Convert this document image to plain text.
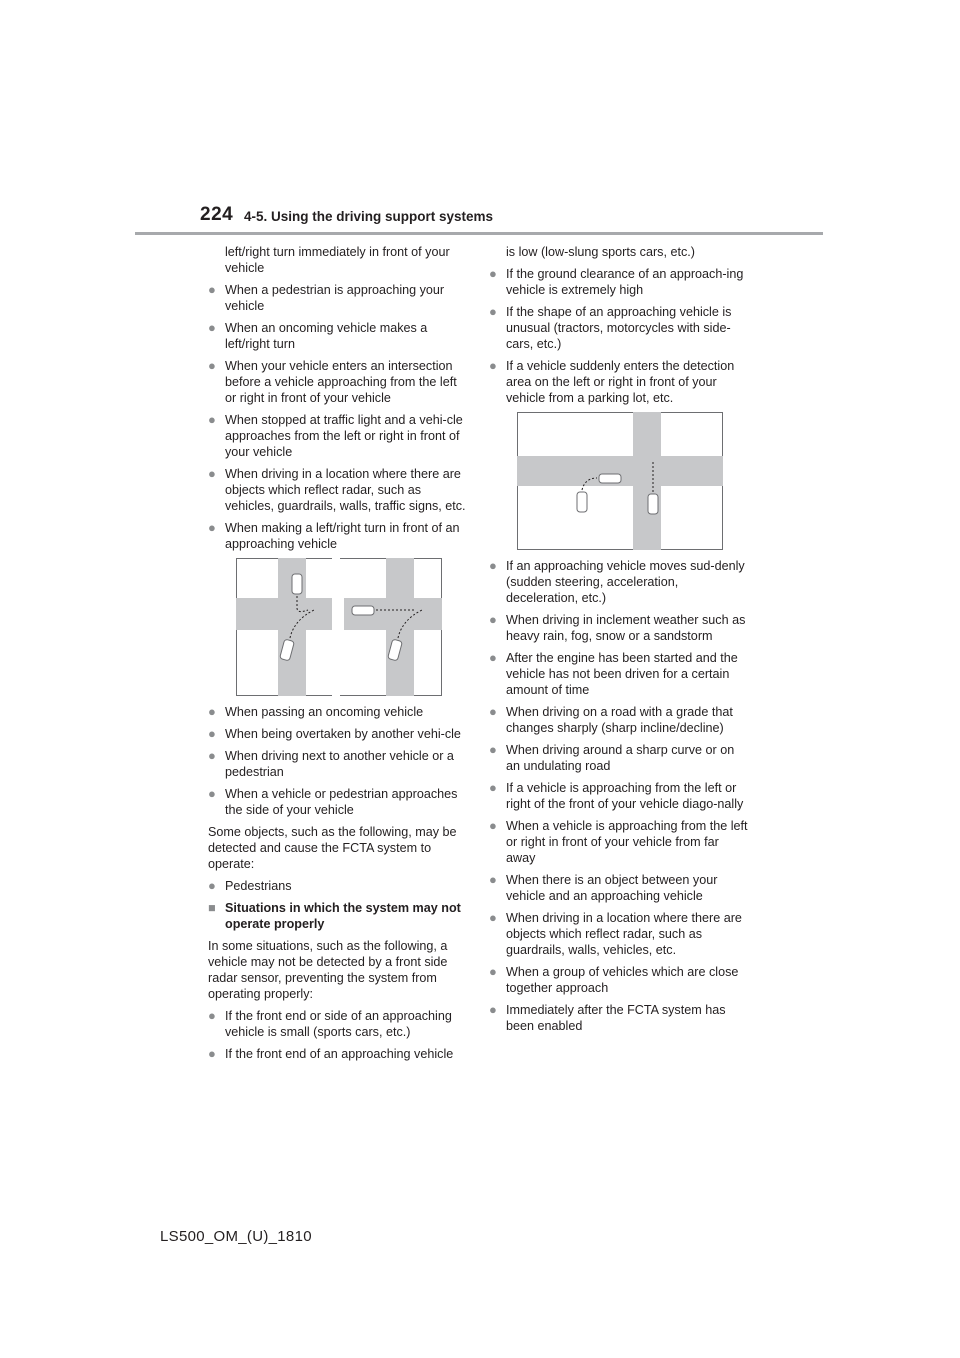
224 4-5. Using the driving support systems
left/right turn immediately in front of your vehicle
● When a pedestrian is approaching your vehicle
● When an oncoming vehicle makes a left/right turn
● When your vehicle enters an intersection before a vehicle approaching from the left or right in front of your vehicle
● When stopped at traffic light and a vehi-cle approaches from the left or right in front of your vehicle
● When driving in a location where there are objects which reflect radar, such as vehicles, guardrails, walls, traffic signs, etc.
● When making a left/right turn in front of an approaching vehicle
● When passing an oncoming vehicle
● When being overtaken by another vehi-cle
● When driving next to another vehicle or a pedestrian
● When a vehicle or pedestrian approaches the side of your vehicle
Some objects, such as the following, may be detected and cause the FCTA system to operate:
● Pedestrians
■ Situations in which the system may not operate properly
In some situations, such as the following, a vehicle may not be detected by a front side radar sensor, preventing the system from operating properly:
● If the front end or side of an approaching vehicle is small (sports cars, etc.)
● If the front end of an approaching vehicle
is low (low-slung sports cars, etc.)
● If the ground clearance of an approach-ing vehicle is extremely high
● If the shape of an approaching vehicle is unusual (tractors, motorcycles with side-cars, etc.)
● If a vehicle suddenly enters the detection area on the left or right in front of your vehicle from a parking lot, etc.
● If an approaching vehicle moves sud-denly (sudden steering, acceleration, deceleration, etc.)
● When driving in inclement weather such as heavy rain, fog, snow or a sandstorm
● After the engine has been started and the vehicle has not been driven for a certain amount of time
● When driving on a road with a grade that changes sharply (sharp incline/decline)
● When driving around a sharp curve or on an undulating road
● If a vehicle is approaching from the left or right of the front of your vehicle diago-nally
● When a vehicle is approaching from the left or right in front of your vehicle from far away
● When there is an object between your vehicle and an approaching vehicle
● When driving in a location where there are objects which reflect radar, such as guardrails, walls, vehicles, etc.
● When a group of vehicles which are close together approach
● Immediately after the FCTA system has been enabled
LS500_OM_(U)_1810
